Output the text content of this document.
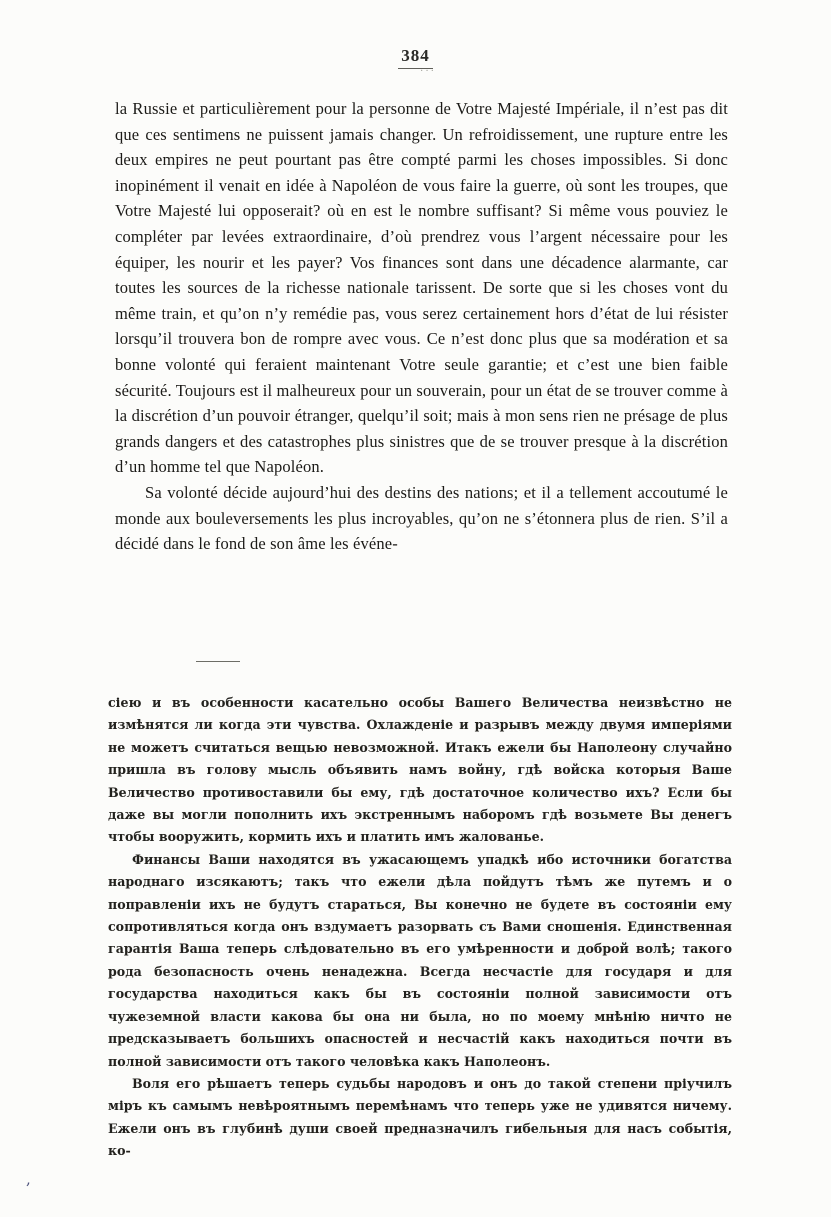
384
···

la Russie et particulièrement pour la personne de Votre Majesté Impériale, il n’est pas dit que ces sentimens ne puissent jamais changer. Un refroidissement, une rupture entre les deux empires ne peut pourtant pas être compté parmi les choses impossibles. Si donc inopinément il venait en idée à Napoléon de vous faire la guerre, où sont les troupes, que Votre Majesté lui opposerait? où en est le nombre suffisant? Si même vous pouviez le compléter par levées extraordinaire, d’où prendrez vous l’argent nécessaire pour les équiper, les nourir et les payer? Vos finances sont dans une décadence alarmante, car toutes les sources de la richesse nationale tarissent. De sorte que si les choses vont du même train, et qu’on n’y remédie pas, vous serez certainement hors d’état de lui résister lorsqu’il trouvera bon de rompre avec vous. Ce n’est donc plus que sa modération et sa bonne volonté qui feraient maintenant Votre seule garantie; et c’est une bien faible sécurité. Toujours est il malheureux pour un souverain, pour un état de se trouver comme à la discrétion d’un pouvoir étranger, quelqu’il soit; mais à mon sens rien ne présage de plus grands dangers et des catastrophes plus sinistres que de se trouver presque à la discrétion d’un homme tel que Napoléon.

Sa volonté décide aujourd’hui des destins des nations; et il a tellement accoutumé le monde aux bouleversements les plus incroyables, qu’on ne s’étonnera plus de rien. S’il a décidé dans le fond de son âme les événe-

сіею и въ особенности касательно особы Вашего Величества неизвѣстно не измѣнятся ли когда эти чувства. Охлажденіе и разрывъ между двумя имперіями не можетъ считаться вещью невозможной. Итакъ ежели бы Наполеону случайно пришла въ голову мысль объявить намъ войну, гдѣ войска которыя Ваше Величество противоставили бы ему, гдѣ достаточное количество ихъ? Если бы даже вы могли пополнить ихъ экстреннымъ наборомъ гдѣ возьмете Вы денегъ чтобы вооружить, кормить ихъ и платить имъ жалованье.

Финансы Ваши находятся въ ужасающемъ упадкѣ ибо источники богатства народнаго изсякаютъ; такъ что ежели дѣла пойдутъ тѣмъ же путемъ и о поправленіи ихъ не будутъ стараться, Вы конечно не будете въ состояніи ему сопротивляться когда онъ вздумаетъ разорвать съ Вами сношенія. Единственная гарантія Ваша теперь слѣдовательно въ его умѣренности и доброй волѣ; такого рода безопасность очень ненадежна. Всегда несчастіе для государя и для государства находиться какъ бы въ состояніи полной зависимости отъ чужеземной власти какова бы она ни была, но по моему мнѣнію ничто не предсказываетъ большихъ опасностей и несчастій какъ находиться почти въ полной зависимости отъ такого человѣка какъ Наполеонъ.

Воля его рѣшаетъ теперь судьбы народовъ и онъ до такой степени пріучилъ міръ къ самымъ невѣроятнымъ перемѣнамъ что теперь уже не удивятся ничему. Ежели онъ въ глубинѣ души своей предназначилъ гибельныя для насъ событія, ко-

,
